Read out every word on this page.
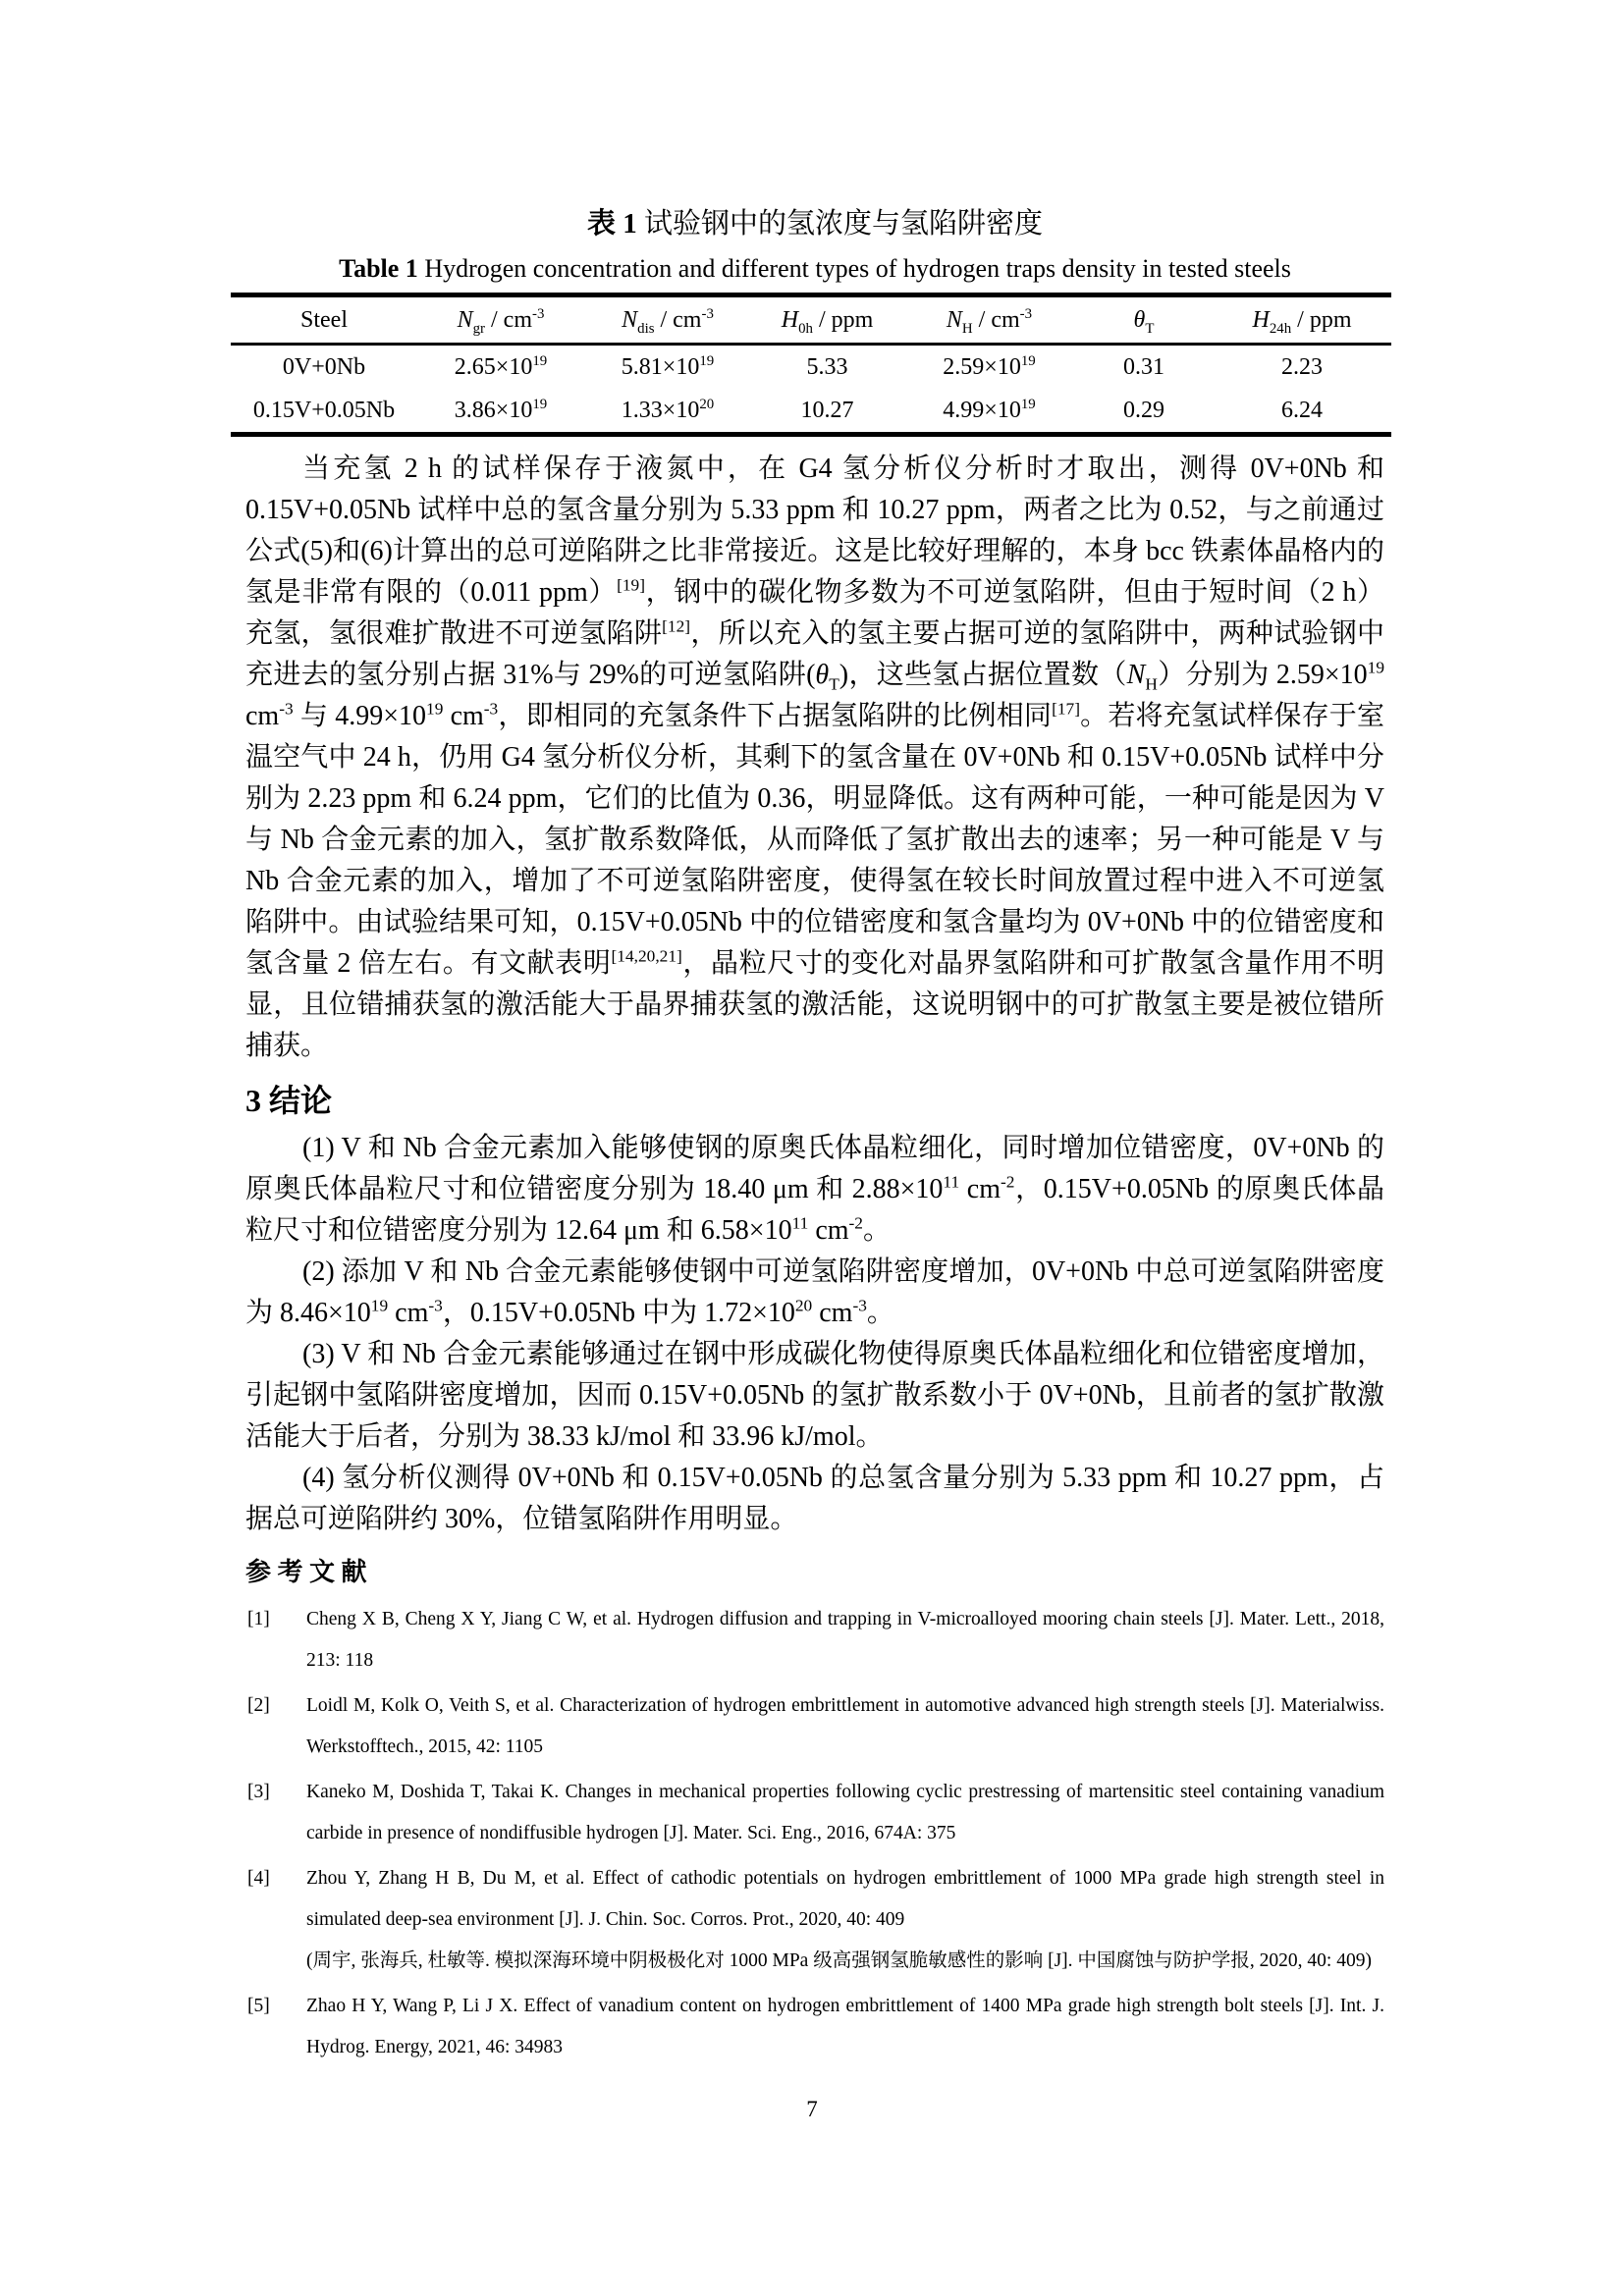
表 1 试验钢中的氢浓度与氢陷阱密度
Table 1 Hydrogen concentration and different types of hydrogen traps density in tested steels
Steel	$N_{gr} / cm^{-3}$	$N_{dis} / cm^{-3}$	$H_{0h}$ / ppm	$N_H / cm^{-3}$	$\theta_T$	$H_{24h}$ / ppm
0V+0Nb	$2.65\times 10^{19}$	$5.81\times 10^{19}$	5.33	$2.59\times 10^{19}$	0.31	2.23
0.15V+0.05Nb	$3.86\times 10^{19}$	$1.33\times 10^{20}$	10.27	$4.99\times 10^{19}$	0.29	6.24

当充氢 2 h 的试样保存于液氮中，在 G4 氢分析仪分析时才取出，测得 0V+0Nb 和 0.15V+0.05Nb 试样中总的氢含量分别为 5.33 ppm 和 10.27 ppm，两者之比为 0.52，与之前通过公式(5)和(6)计算出的总可逆陷阱之比非常接近。这是比较好理解的，本身 bcc 铁素体晶格内的氢是非常有限的（0.011 ppm）[19]，钢中的碳化物多数为不可逆氢陷阱，但由于短时间（2 h）充氢，氢很难扩散进不可逆氢陷阱[12]，所以充入的氢主要占据可逆的氢陷阱中，两种试验钢中充进去的氢分别占据 31%与 29%的可逆氢陷阱$(\theta_T)$，这些氢占据位置数$(N_H)$分别为 $2.59\times 10^{19}$ $cm^{-3}$ 与 $4.99\times 10^{19}$ $cm^{-3}$，即相同的充氢条件下占据氢陷阱的比例相同[17]。若将充氢试样保存于室温空气中 24 h，仍用 G4 氢分析仪分析，其剩下的氢含量在 0V+0Nb 和 0.15V+0.05Nb 试样中分别为 2.23 ppm 和 6.24 ppm，它们的比值为 0.36，明显降低。这有两种可能，一种可能是因为 V 与 Nb 合金元素的加入，氢扩散系数降低，从而降低了氢扩散出去的速率；另一种可能是 V 与 Nb 合金元素的加入，增加了不可逆氢陷阱密度，使得氢在较长时间放置过程中进入不可逆氢陷阱中。由试验结果可知，0.15V+0.05Nb 中的位错密度和氢含量均为 0V+0Nb 中的位错密度和氢含量 2 倍左右。有文献表明[14,20,21]，晶粒尺寸的变化对晶界氢陷阱和可扩散氢含量作用不明显，且位错捕获氢的激活能大于晶界捕获氢的激活能，这说明钢中的可扩散氢主要是被位错所捕获。

3 结论

(1) V 和 Nb 合金元素加入能够使钢的原奥氏体晶粒细化，同时增加位错密度，0V+0Nb 的原奥氏体晶粒尺寸和位错密度分别为 18.40 μm 和 $2.88\times 10^{11}$ $cm^{-2}$，0.15V+0.05Nb 的原奥氏体晶粒尺寸和位错密度分别为 12.64 μm 和 $6.58\times 10^{11}$ $cm^{-2}$。

(2) 添加 V 和 Nb 合金元素能够使钢中可逆氢陷阱密度增加，0V+0Nb 中总可逆氢陷阱密度为 $8.46\times 10^{19}$ $cm^{-3}$，0.15V+0.05Nb 中为 $1.72\times 10^{20}$ $cm^{-3}$。

(3) V 和 Nb 合金元素能够通过在钢中形成碳化物使得原奥氏体晶粒细化和位错密度增加，引起钢中氢陷阱密度增加，因而 0.15V+0.05Nb 的氢扩散系数小于 0V+0Nb，且前者的氢扩散激活能大于后者，分别为 38.33 kJ/mol 和 33.96 kJ/mol。

(4) 氢分析仪测得 0V+0Nb 和 0.15V+0.05Nb 的总氢含量分别为 5.33 ppm 和 10.27 ppm，占据总可逆陷阱约 30%，位错氢陷阱作用明显。

参 考 文 献
[1] Cheng X B, Cheng X Y, Jiang C W, et al. Hydrogen diffusion and trapping in V-microalloyed mooring chain steels [J]. Mater. Lett., 2018, 213: 118
[2] Loidl M, Kolk O, Veith S, et al. Characterization of hydrogen embrittlement in automotive advanced high strength steels [J]. Materialwiss. Werkstofftech., 2015, 42: 1105
[3] Kaneko M, Doshida T, Takai K. Changes in mechanical properties following cyclic prestressing of martensitic steel containing vanadium carbide in presence of nondiffusible hydrogen [J]. Mater. Sci. Eng., 2016, 674A: 375
[4] Zhou Y, Zhang H B, Du M, et al. Effect of cathodic potentials on hydrogen embrittlement of 1000 MPa grade high strength steel in simulated deep-sea environment [J]. J. Chin. Soc. Corros. Prot., 2020, 40: 409
(周宇, 张海兵, 杜敏等. 模拟深海环境中阴极极化对 1000 MPa 级高强钢氢脆敏感性的影响 [J]. 中国腐蚀与防护学报, 2020, 40: 409)
[5] Zhao H Y, Wang P, Li J X. Effect of vanadium content on hydrogen embrittlement of 1400 MPa grade high strength bolt steels [J]. Int. J. Hydrog. Energy, 2021, 46: 34983
7
